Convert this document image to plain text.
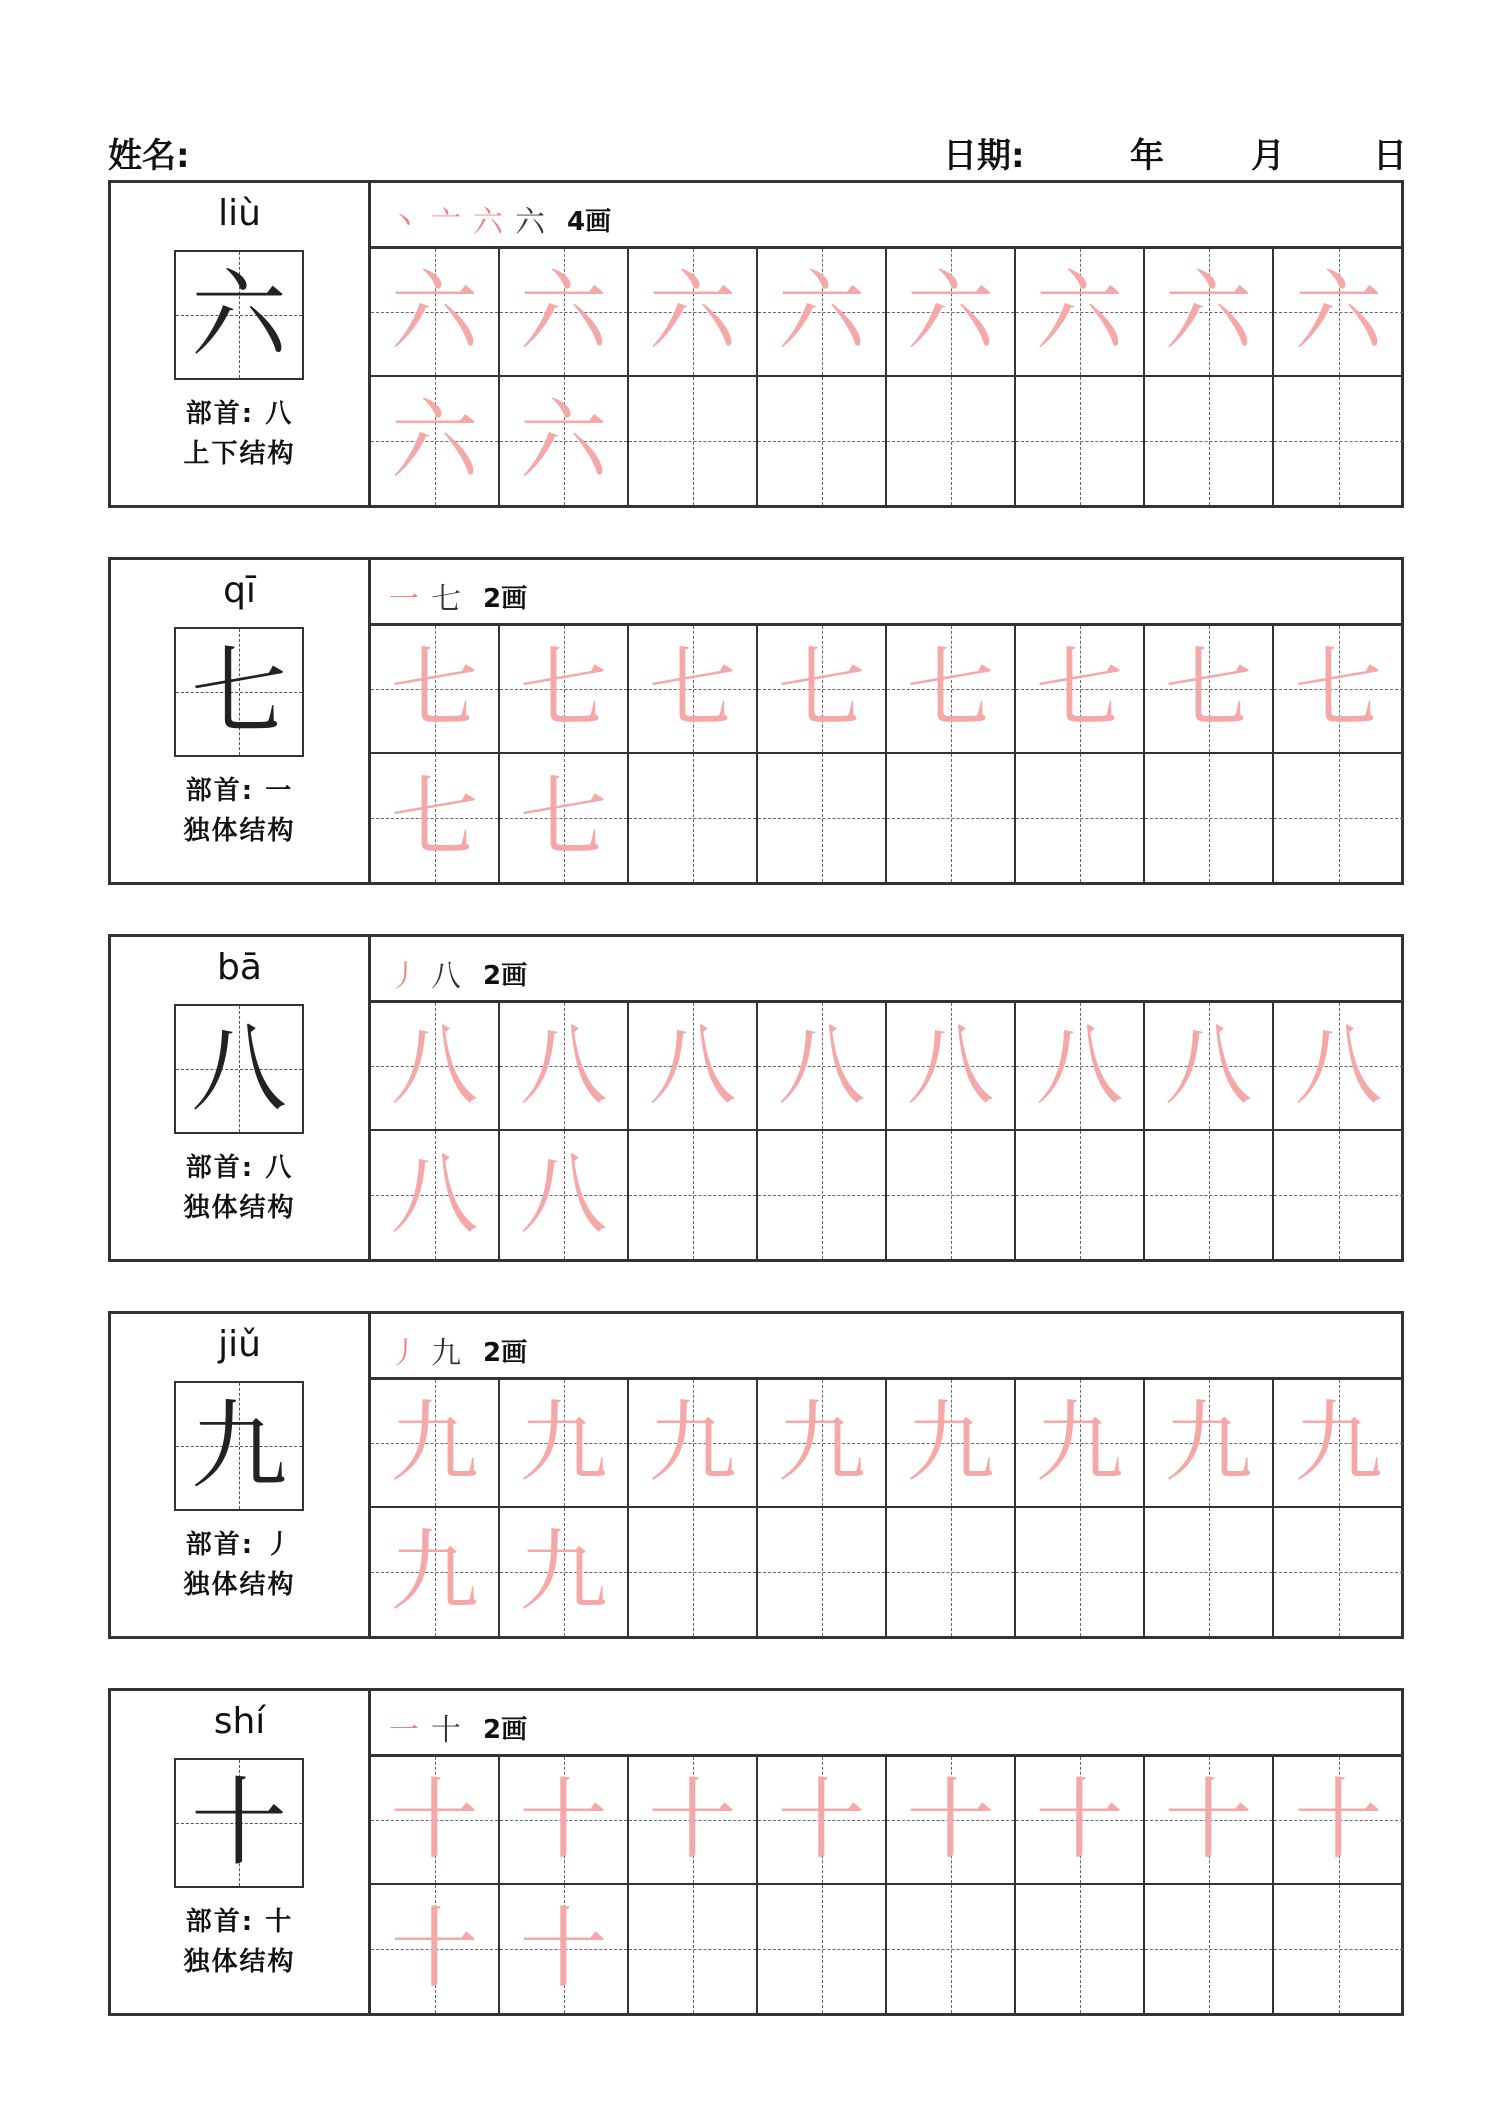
姓名:	日期:	年	月	日
liù
六
部首: 八
上下结构
丶 亠 六 六 4画
六 六 六 六 六 六 六 六
六 六
qī
七
部首: 一
独体结构
一 七 2画
七 七 七 七 七 七 七 七
七 七
bā
八
部首: 八
独体结构
丿 八 2画
八 八 八 八 八 八 八 八
八 八
jiǔ
九
部首: 丿
独体结构
丿 九 2画
九 九 九 九 九 九 九 九
九 九
shí
十
部首: 十
独体结构
一 十 2画
十 十 十 十 十 十 十 十
十 十
